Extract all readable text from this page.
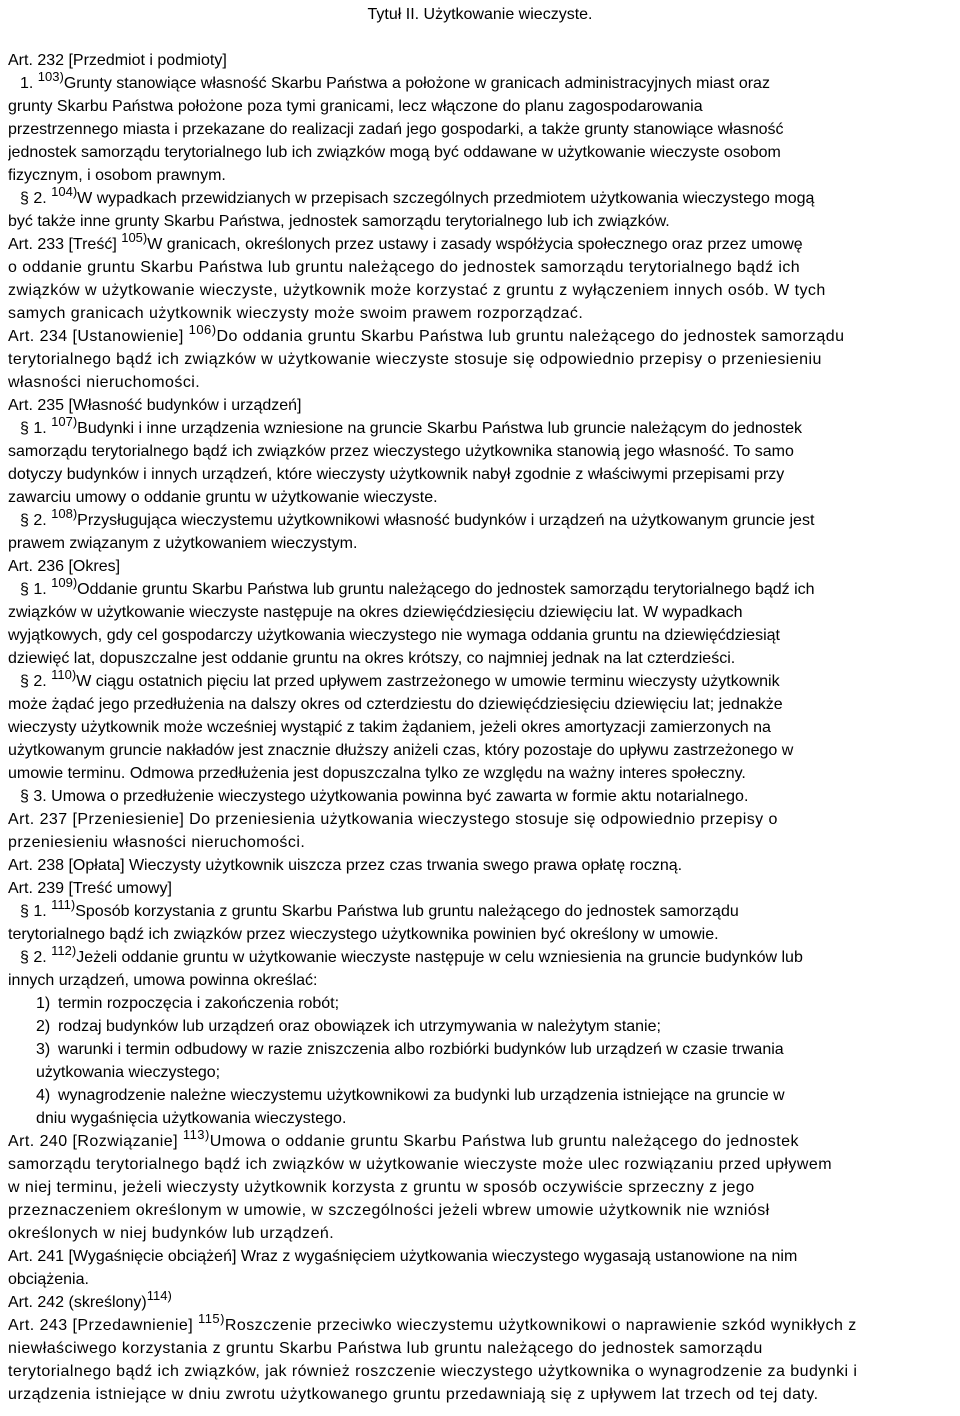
Tytuł II. Użytkowanie wieczyste.
Art. 232 [Przedmiot i podmioty]
1. $^{103)}$Grunty stanowiące własność Skarbu Państwa a położone w granicach administracyjnych miast oraz
grunty Skarbu Państwa położone poza tymi granicami, lecz włączone do planu zagospodarowania
przestrzennego miasta i przekazane do realizacji zadań jego gospodarki, a także grunty stanowiące własność
jednostek samorządu terytorialnego lub ich związków mogą być oddawane w użytkowanie wieczyste osobom
fizycznym, i osobom prawnym.
§ 2. $^{104)}$W wypadkach przewidzianych w przepisach szczególnych przedmiotem użytkowania wieczystego mogą
być także inne grunty Skarbu Państwa, jednostek samorządu terytorialnego lub ich związków.
Art. 233 [Treść] $^{105)}$W granicach, określonych przez ustawy i zasady współżycia społecznego oraz przez umowę
o oddanie gruntu Skarbu Państwa lub gruntu należącego do jednostek samorządu terytorialnego bądź ich
związków w użytkowanie wieczyste, użytkownik może korzystać z gruntu z wyłączeniem innych osób. W tych
samych granicach użytkownik wieczysty może swoim prawem rozporządzać.
Art. 234 [Ustanowienie] $^{106)}$Do oddania gruntu Skarbu Państwa lub gruntu należącego do jednostek samorządu
terytorialnego bądź ich związków w użytkowanie wieczyste stosuje się odpowiednio przepisy o przeniesieniu
własności nieruchomości.
Art. 235 [Własność budynków i urządzeń]
§ 1. $^{107)}$Budynki i inne urządzenia wzniesione na gruncie Skarbu Państwa lub gruncie należącym do jednostek
samorządu terytorialnego bądź ich związków przez wieczystego użytkownika stanowią jego własność. To samo
dotyczy budynków i innych urządzeń, które wieczysty użytkownik nabył zgodnie z właściwymi przepisami przy
zawarciu umowy o oddanie gruntu w użytkowanie wieczyste.
§ 2. $^{108)}$Przysługująca wieczystemu użytkownikowi własność budynków i urządzeń na użytkowanym gruncie jest
prawem związanym z użytkowaniem wieczystym.
Art. 236 [Okres]
§ 1. $^{109)}$Oddanie gruntu Skarbu Państwa lub gruntu należącego do jednostek samorządu terytorialnego bądź ich
związków w użytkowanie wieczyste następuje na okres dziewięćdziesięciu dziewięciu lat. W wypadkach
wyjątkowych, gdy cel gospodarczy użytkowania wieczystego nie wymaga oddania gruntu na dziewięćdziesiąt
dziewięć lat, dopuszczalne jest oddanie gruntu na okres krótszy, co najmniej jednak na lat czterdzieści.
§ 2. $^{110)}$W ciągu ostatnich pięciu lat przed upływem zastrzeżonego w umowie terminu wieczysty użytkownik
może żądać jego przedłużenia na dalszy okres od czterdziestu do dziewięćdziesięciu dziewięciu lat; jednakże
wieczysty użytkownik może wcześniej wystąpić z takim żądaniem, jeżeli okres amortyzacji zamierzonych na
użytkowanym gruncie nakładów jest znacznie dłuższy aniżeli czas, który pozostaje do upływu zastrzeżonego w
umowie terminu. Odmowa przedłużenia jest dopuszczalna tylko ze względu na ważny interes społeczny.
§ 3. Umowa o przedłużenie wieczystego użytkowania powinna być zawarta w formie aktu notarialnego.
Art. 237 [Przeniesienie] Do przeniesienia użytkowania wieczystego stosuje się odpowiednio przepisy o
przeniesieniu własności nieruchomości.
Art. 238 [Opłata] Wieczysty użytkownik uiszcza przez czas trwania swego prawa opłatę roczną.
Art. 239 [Treść umowy]
§ 1. $^{111)}$Sposób korzystania z gruntu Skarbu Państwa lub gruntu należącego do jednostek samorządu
terytorialnego bądź ich związków przez wieczystego użytkownika powinien być określony w umowie.
§ 2. $^{112)}$Jeżeli oddanie gruntu w użytkowanie wieczyste następuje w celu wzniesienia na gruncie budynków lub
innych urządzeń, umowa powinna określać:
1) termin rozpoczęcia i zakończenia robót;
2) rodzaj budynków lub urządzeń oraz obowiązek ich utrzymywania w należytym stanie;
3) warunki i termin odbudowy w razie zniszczenia albo rozbiórki budynków lub urządzeń w czasie trwania
użytkowania wieczystego;
4) wynagrodzenie należne wieczystemu użytkownikowi za budynki lub urządzenia istniejące na gruncie w
dniu wygaśnięcia użytkowania wieczystego.
Art. 240 [Rozwiązanie] $^{113)}$Umowa o oddanie gruntu Skarbu Państwa lub gruntu należącego do jednostek
samorządu terytorialnego bądź ich związków w użytkowanie wieczyste może ulec rozwiązaniu przed upływem
w niej terminu, jeżeli wieczysty użytkownik korzysta z gruntu w sposób oczywiście sprzeczny z jego
przeznaczeniem określonym w umowie, w szczególności jeżeli wbrew umowie użytkownik nie wzniósł
określonych w niej budynków lub urządzeń.
Art. 241 [Wygaśnięcie obciążeń] Wraz z wygaśnięciem użytkowania wieczystego wygasają ustanowione na nim
obciążenia.
Art. 242 (skreślony)$^{114)}$
Art. 243 [Przedawnienie] $^{115)}$Roszczenie przeciwko wieczystemu użytkownikowi o naprawienie szkód wynikłych z
niewłaściwego korzystania z gruntu Skarbu Państwa lub gruntu należącego do jednostek samorządu
terytorialnego bądź ich związków, jak również roszczenie wieczystego użytkownika o wynagrodzenie za budynki i
urządzenia istniejące w dniu zwrotu użytkowanego gruntu przedawniają się z upływem lat trzech od tej daty.
